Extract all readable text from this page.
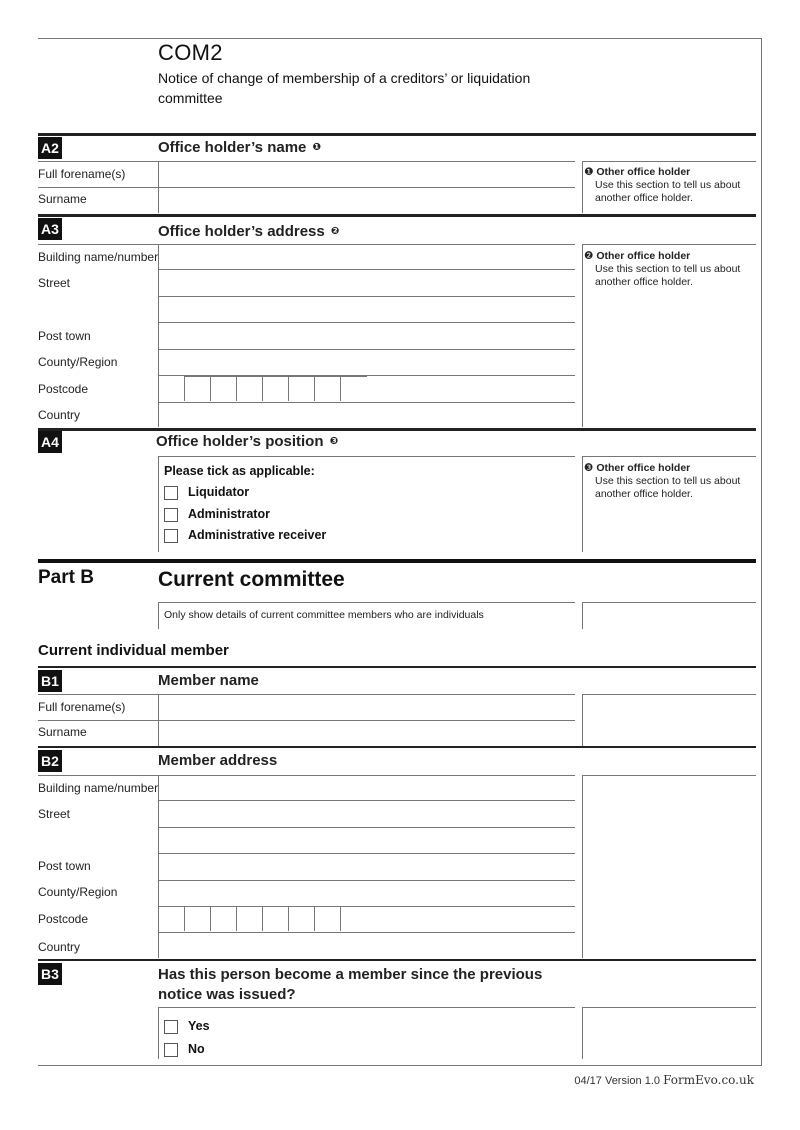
COM2
Notice of change of membership of a creditors’ or liquidation committee
A2	Office holder’s name ❶
Full forename(s)
Surname
❶ Other office holder
Use this section to tell us about another office holder.
A3	Office holder’s address ❷
Building name/number
Street
Post town
County/Region
Postcode
Country
❷ Other office holder
Use this section to tell us about another office holder.
A4	Office holder’s position ❸
Please tick as applicable:
Liquidator
Administrator
Administrative receiver
❸ Other office holder
Use this section to tell us about another office holder.
Part B	Current committee
Only show details of current committee members who are individuals
Current individual member
B1	Member name
Full forename(s)
Surname
B2	Member address
Building name/number
Street
Post town
County/Region
Postcode
Country
B3	Has this person become a member since the previous notice was issued?
Yes
No
04/17 Version 1.0 FormEvo.co.uk
